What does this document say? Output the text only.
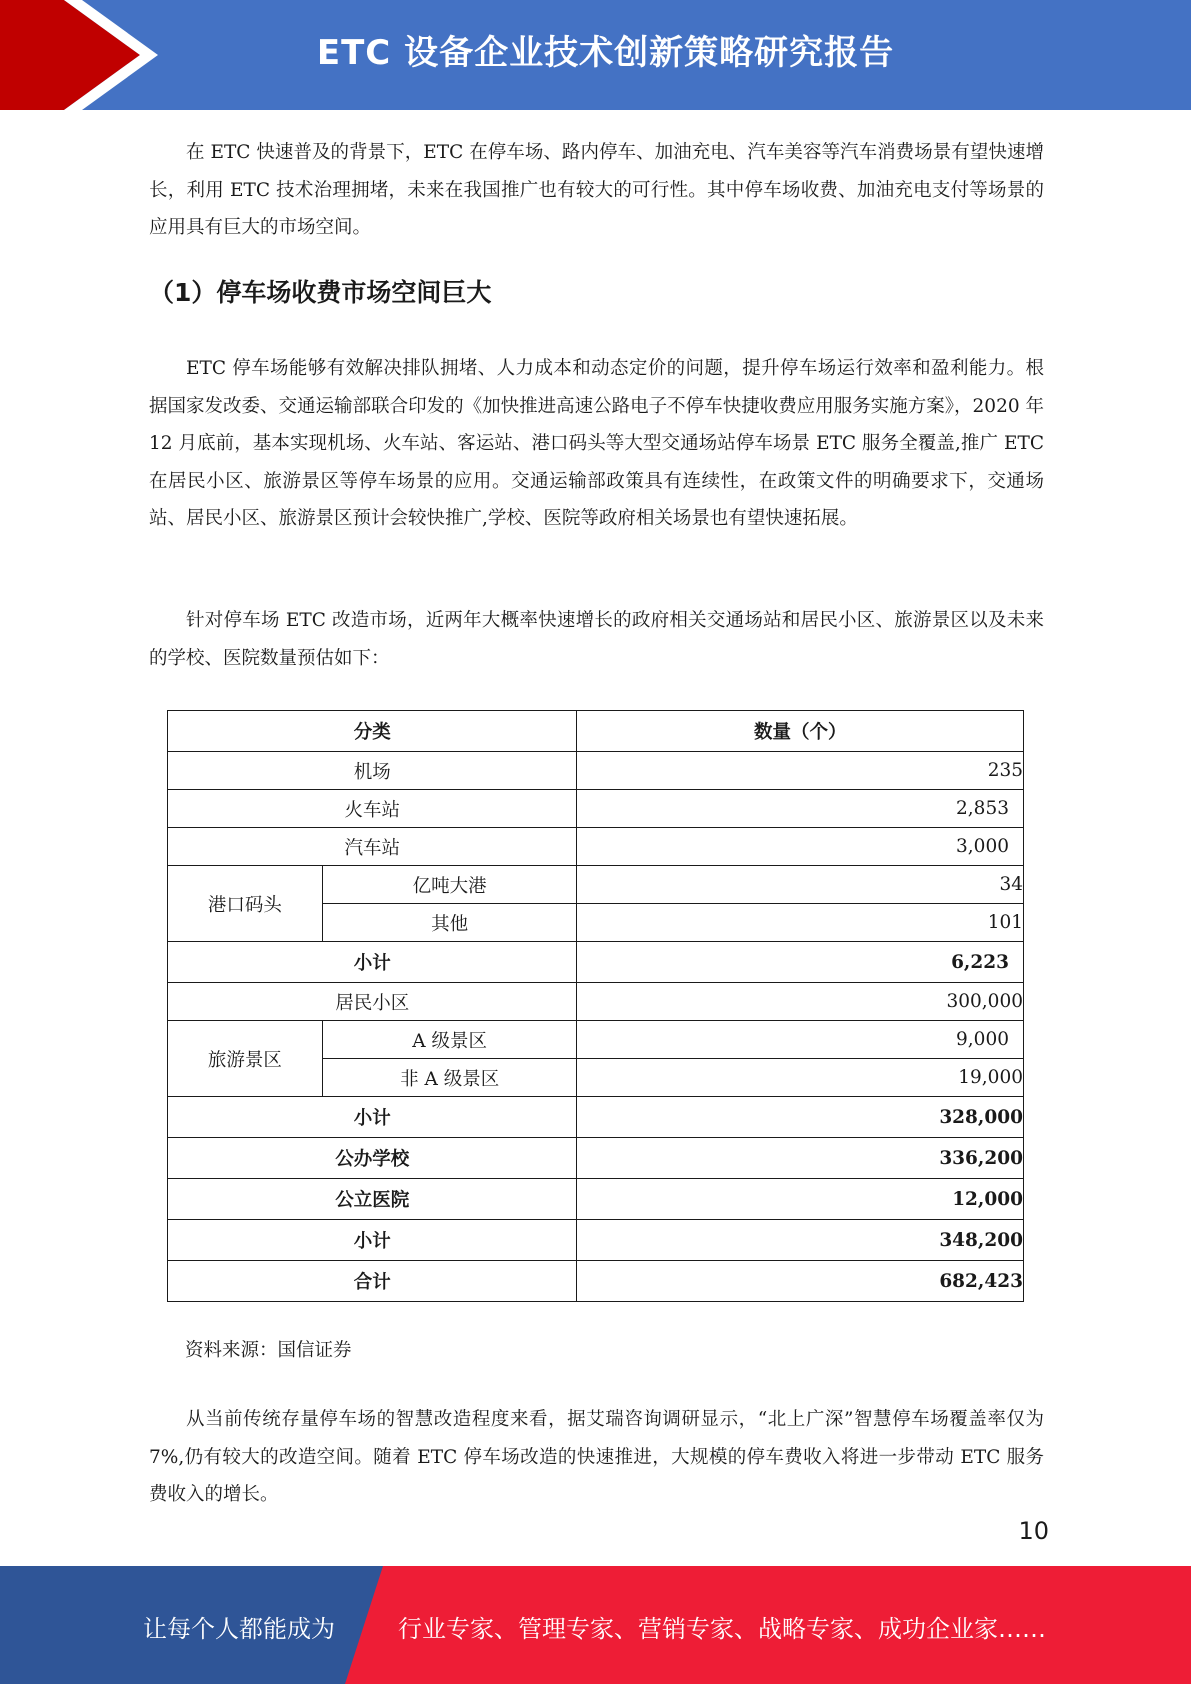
ETC 设备企业技术创新策略研究报告

在 ETC 快速普及的背景下，ETC 在停车场、路内停车、加油充电、汽车美容等汽车消费场景有望快速增长，利用 ETC 技术治理拥堵，未来在我国推广也有较大的可行性。其中停车场收费、加油充电支付等场景的应用具有巨大的市场空间。

（1）停车场收费市场空间巨大

ETC 停车场能够有效解决排队拥堵、人力成本和动态定价的问题，提升停车场运行效率和盈利能力。根据国家发改委、交通运输部联合印发的《加快推进高速公路电子不停车快捷收费应用服务实施方案》，2020 年 12 月底前，基本实现机场、火车站、客运站、港口码头等大型交通场站停车场景 ETC 服务全覆盖,推广 ETC 在居民小区、旅游景区等停车场景的应用。交通运输部政策具有连续性，在政策文件的明确要求下，交通场站、居民小区、旅游景区预计会较快推广,学校、医院等政府相关场景也有望快速拓展。

针对停车场 ETC 改造市场，近两年大概率快速增长的政府相关交通场站和居民小区、旅游景区以及未来的学校、医院数量预估如下：

分类		数量（个）
机场		235
火车站		2,853
汽车站		3,000
港口码头	亿吨大港	34
	其他	101
小计		6,223
居民小区		300,000
旅游景区	A 级景区	9,000
	非 A 级景区	19,000
小计		328,000
公办学校		336,200
公立医院		12,000
小计		348,200
合计		682,423

资料来源：国信证券

从当前传统存量停车场的智慧改造程度来看，据艾瑞咨询调研显示，“北上广深”智慧停车场覆盖率仅为 7%,仍有较大的改造空间。随着 ETC 停车场改造的快速推进，大规模的停车费收入将进一步带动 ETC 服务费收入的增长。

10
让每个人都能成为	行业专家、管理专家、营销专家、战略专家、成功企业家……
